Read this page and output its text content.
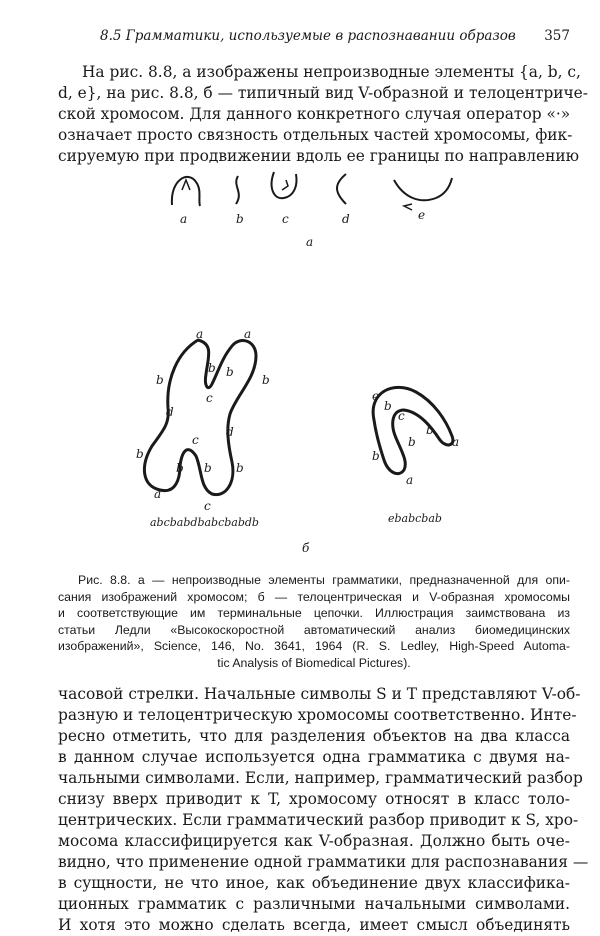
8.5 Грамматики, используемые в распознавании образов 357
На рис. 8.8, a изображены непроизводные элементы {a, b, c,
d, e}, на рис. 8.8, б — типичный вид V-образной и телоцентриче-
ской хромосом. Для данного конкретного случая оператор «·»
означает просто связность отдельных частей хромосомы, фик-
сируемую при продвижении вдоль ее границы по направлению
a	b	c	d	e
а
a	a
b
b b
b
c
d
d
b
c
b b b
a
c
abcbabdbabcbabdb
e
b
c
b
b	a
b
a
ebabcbab
б
Рис. 8.8. а — непроизводные элементы грамматики, предназначенной для опи-
сания изображений хромосом; б — телоцентрическая и V-образная хромосомы
и соответствующие им терминальные цепочки. Иллюстрация заимствована из
статьи Ледли «Высокоскоростной автоматический анализ биомедицинских
изображений», Science, 146, No. 3641, 1964 (R. S. Ledley, High-Speed Automa-
tic Analysis of Biomedical Pictures).
часовой стрелки. Начальные символы S и T представляют V-об-
разную и телоцентрическую хромосомы соответственно. Инте-
ресно отметить, что для разделения объектов на два класса
в данном случае используется одна грамматика с двумя на-
чальными символами. Если, например, грамматический разбор
снизу вверх приводит к T, хромосому относят в класс толо-
центрических. Если грамматический разбор приводит к S, хро-
мосома классифицируется как V-образная. Должно быть оче-
видно, что применение одной грамматики для распознавания —
в сущности, не что иное, как объединение двух классифика-
ционных грамматик с различными начальными символами.
И хотя это можно сделать всегда, имеет смысл объединять
